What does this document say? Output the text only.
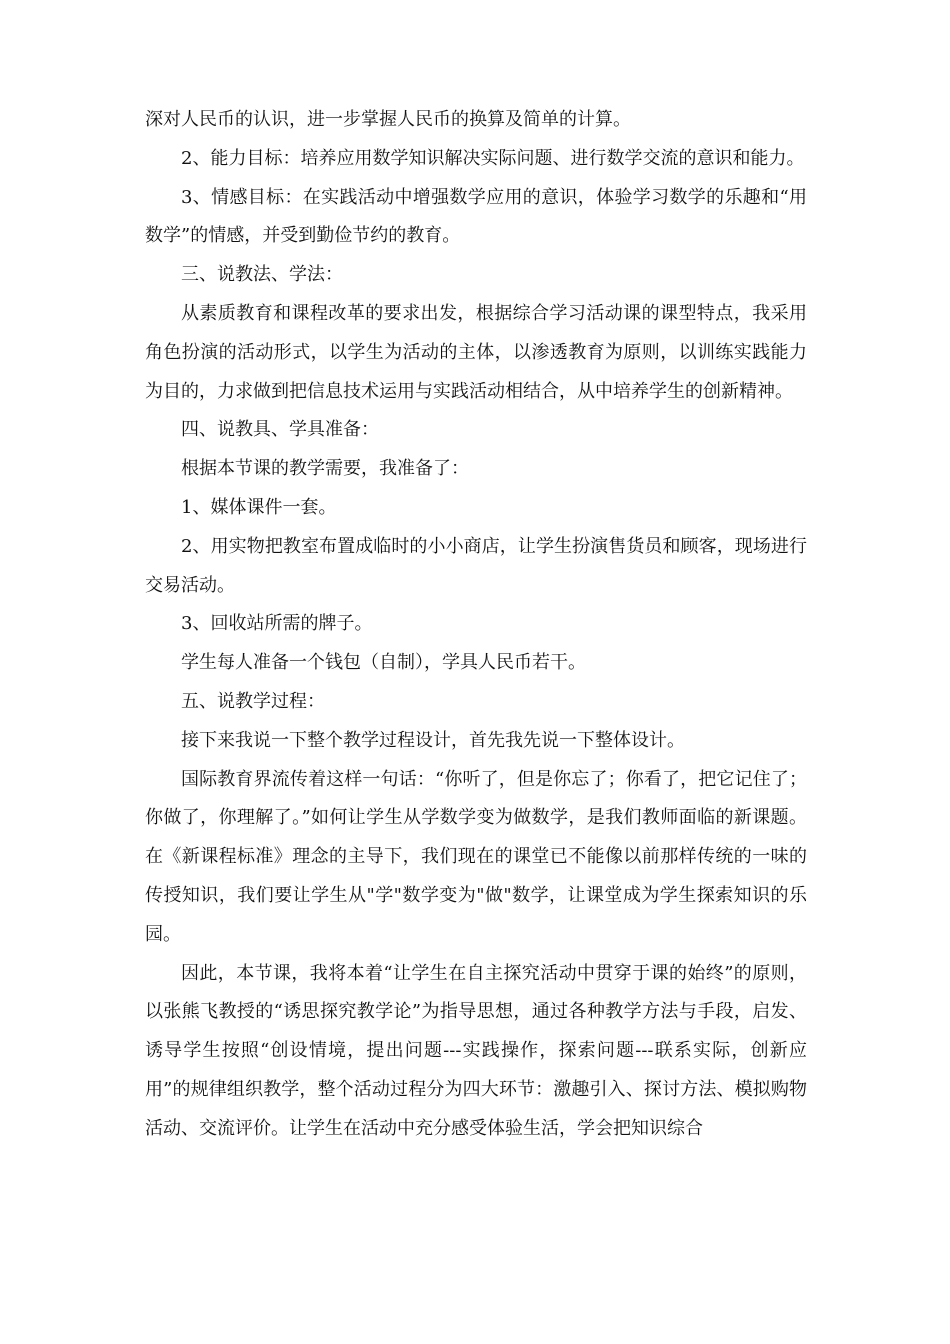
深对人民币的认识，进一步掌握人民币的换算及简单的计算。

2、能力目标：培养应用数学知识解决实际问题、进行数学交流的意识和能力。

3、情感目标：在实践活动中增强数学应用的意识，体验学习数学的乐趣和“用数学”的情感，并受到勤俭节约的教育。

三、说教法、学法：

从素质教育和课程改革的要求出发，根据综合学习活动课的课型特点，我采用角色扮演的活动形式，以学生为活动的主体，以渗透教育为原则，以训练实践能力为目的，力求做到把信息技术运用与实践活动相结合，从中培养学生的创新精神。

四、说教具、学具准备：

根据本节课的教学需要，我准备了：

1、媒体课件一套。

2、用实物把教室布置成临时的小小商店，让学生扮演售货员和顾客，现场进行交易活动。

3、回收站所需的牌子。

学生每人准备一个钱包（自制），学具人民币若干。

五、说教学过程：

接下来我说一下整个教学过程设计，首先我先说一下整体设计。

国际教育界流传着这样一句话：“你听了，但是你忘了；你看了，把它记住了；你做了，你理解了。”如何让学生从学数学变为做数学，是我们教师面临的新课题。在《新课程标准》理念的主导下，我们现在的课堂已不能像以前那样传统的一味的传授知识，我们要让学生从"学"数学变为"做"数学，让课堂成为学生探索知识的乐园。

因此，本节课，我将本着“让学生在自主探究活动中贯穿于课的始终”的原则，以张熊飞教授的“诱思探究教学论”为指导思想，通过各种教学方法与手段，启发、诱导学生按照“创设情境，提出问题---实践操作，探索问题---联系实际，创新应用”的规律组织教学，整个活动过程分为四大环节：激趣引入、探讨方法、模拟购物活动、交流评价。让学生在活动中充分感受体验生活，学会把知识综合
